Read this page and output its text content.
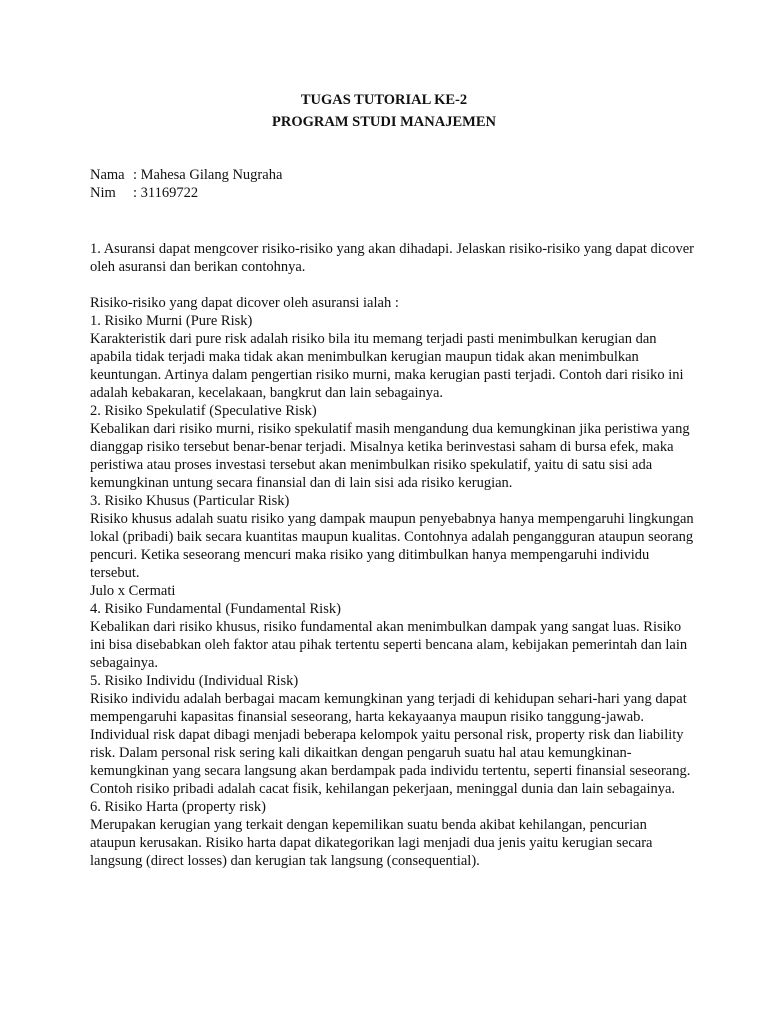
TUGAS TUTORIAL KE-2
PROGRAM STUDI MANAJEMEN
Nama : Mahesa Gilang Nugraha
Nim	: 31169722

1. Asuransi dapat mengcover risiko-risiko yang akan dihadapi. Jelaskan risiko-risiko yang dapat dicover oleh asuransi dan berikan contohnya.

Risiko-risiko yang dapat dicover oleh asuransi ialah :

1. Risiko Murni (Pure Risk)

Karakteristik dari pure risk adalah risiko bila itu memang terjadi pasti menimbulkan kerugian dan apabila tidak terjadi maka tidak akan menimbulkan kerugian maupun tidak akan menimbulkan keuntungan. Artinya dalam pengertian risiko murni, maka kerugian pasti terjadi. Contoh dari risiko ini adalah kebakaran, kecelakaan, bangkrut dan lain sebagainya.

2. Risiko Spekulatif (Speculative Risk)

Kebalikan dari risiko murni, risiko spekulatif masih mengandung dua kemungkinan jika peristiwa yang dianggap risiko tersebut benar-benar terjadi. Misalnya ketika berinvestasi saham di bursa efek, maka peristiwa atau proses investasi tersebut akan menimbulkan risiko spekulatif, yaitu di satu sisi ada kemungkinan untung secara finansial dan di lain sisi ada risiko kerugian.

3. Risiko Khusus (Particular Risk)

Risiko khusus adalah suatu risiko yang dampak maupun penyebabnya hanya mempengaruhi lingkungan lokal (pribadi) baik secara kuantitas maupun kualitas. Contohnya adalah pengangguran ataupun seorang pencuri. Ketika seseorang mencuri maka risiko yang ditimbulkan hanya mempengaruhi individu tersebut.

Julo x Cermati

4. Risiko Fundamental (Fundamental Risk)

Kebalikan dari risiko khusus, risiko fundamental akan menimbulkan dampak yang sangat luas. Risiko ini bisa disebabkan oleh faktor atau pihak tertentu seperti bencana alam, kebijakan pemerintah dan lain sebagainya.

5. Risiko Individu (Individual Risk)

Risiko individu adalah berbagai macam kemungkinan yang terjadi di kehidupan sehari-hari yang dapat mempengaruhi kapasitas finansial seseorang, harta kekayaanya maupun risiko tanggung-jawab. Individual risk dapat dibagi menjadi beberapa kelompok yaitu personal risk, property risk dan liability risk. Dalam personal risk sering kali dikaitkan dengan pengaruh suatu hal atau kemungkinan-kemungkinan yang secara langsung akan berdampak pada individu tertentu, seperti finansial seseorang. Contoh risiko pribadi adalah cacat fisik, kehilangan pekerjaan, meninggal dunia dan lain sebagainya.

6. Risiko Harta (property risk)

Merupakan kerugian yang terkait dengan kepemilikan suatu benda akibat kehilangan, pencurian ataupun kerusakan. Risiko harta dapat dikategorikan lagi menjadi dua jenis yaitu kerugian secara langsung (direct losses) dan kerugian tak langsung (consequential).
